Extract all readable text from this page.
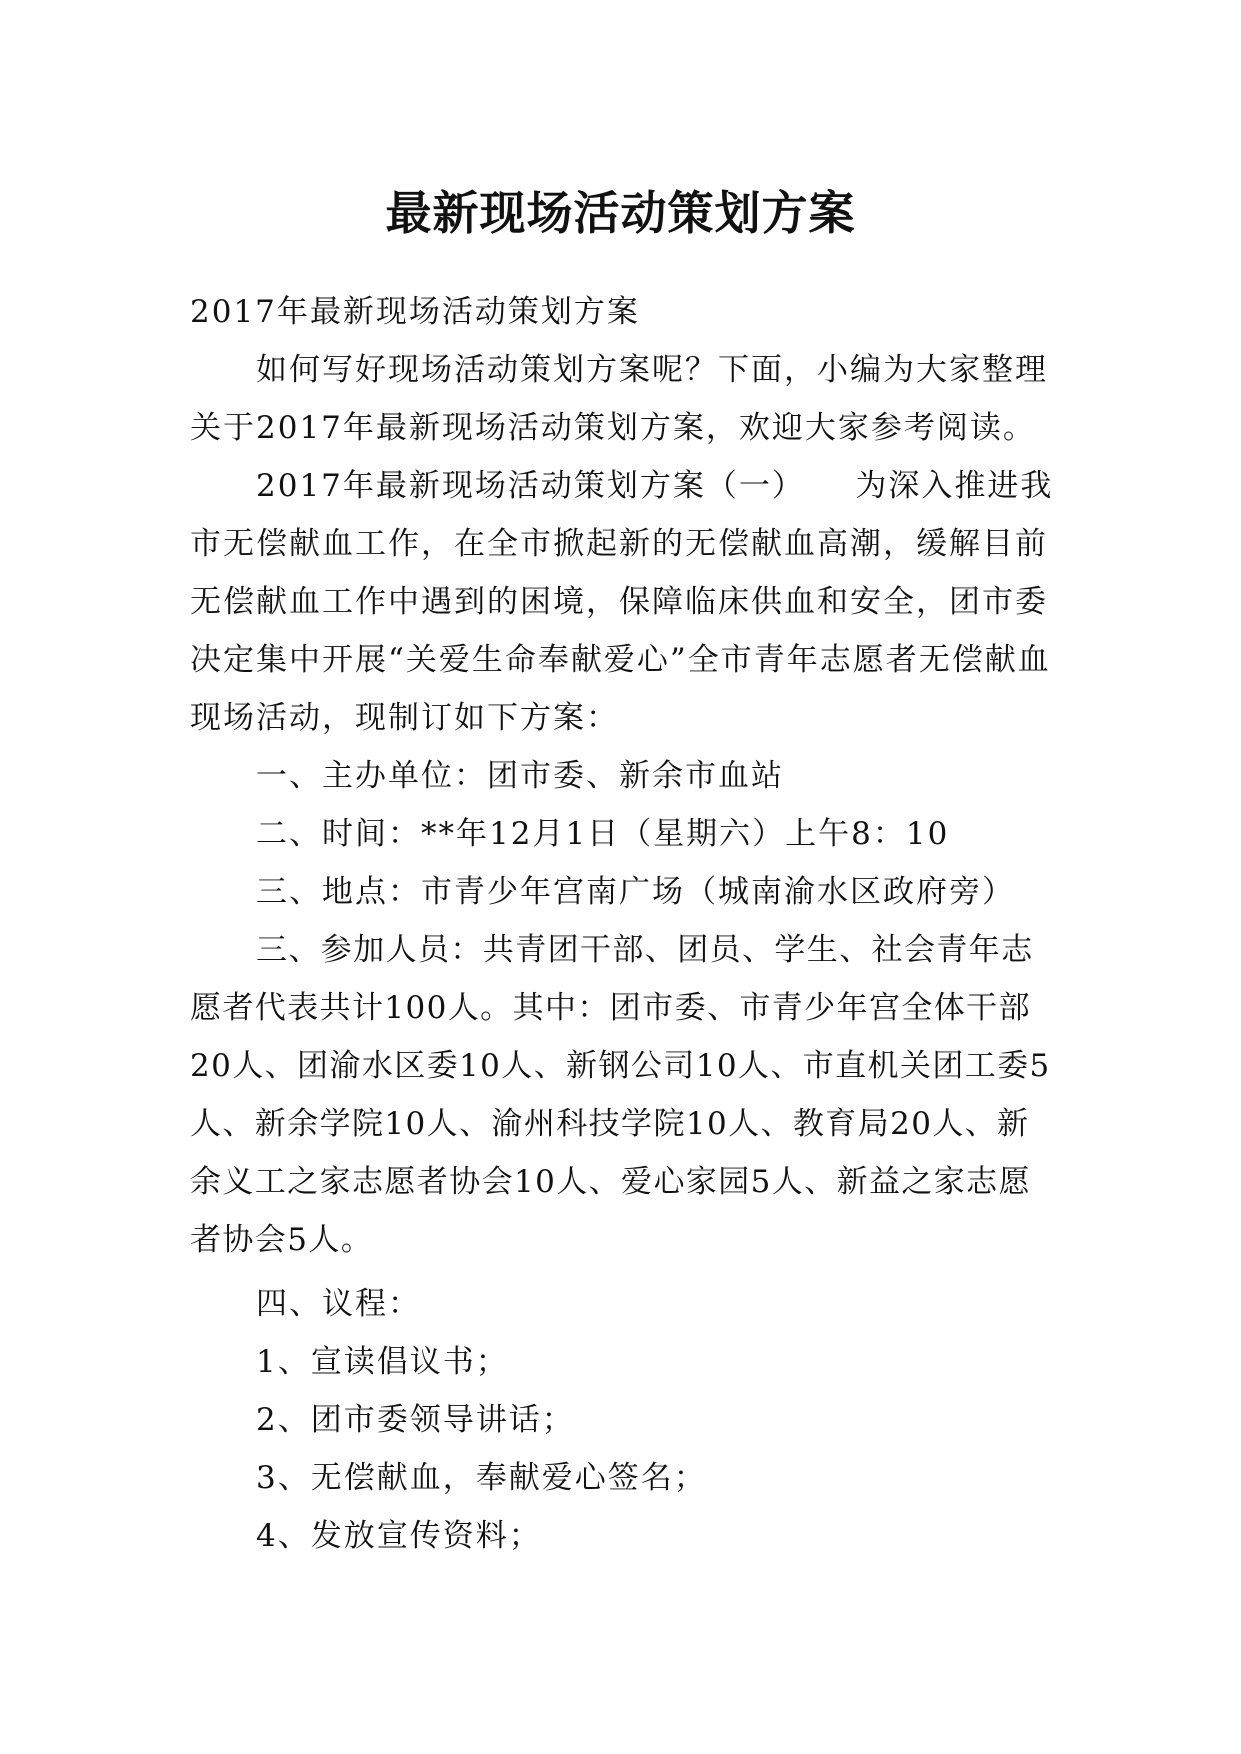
最新现场活动策划方案

2017年最新现场活动策划方案

如何写好现场活动策划方案呢？下面，小编为大家整理关于2017年最新现场活动策划方案，欢迎大家参考阅读。

2017年最新现场活动策划方案（一）　　为深入推进我市无偿献血工作，在全市掀起新的无偿献血高潮，缓解目前无偿献血工作中遇到的困境，保障临床供血和安全，团市委决定集中开展“关爱生命奉献爱心”全市青年志愿者无偿献血现场活动，现制订如下方案：

一、主办单位：团市委、新余市血站

二、时间：**年12月1日（星期六）上午8：10

三、地点：市青少年宫南广场（城南渝水区政府旁）

三、参加人员：共青团干部、团员、学生、社会青年志愿者代表共计100人。其中：团市委、市青少年宫全体干部20人、团渝水区委10人、新钢公司10人、市直机关团工委5人、新余学院10人、渝州科技学院10人、教育局20人、新余义工之家志愿者协会10人、爱心家园5人、新益之家志愿者协会5人。

四、议程：

1、宣读倡议书；

2、团市委领导讲话；

3、无偿献血，奉献爱心签名；

4、发放宣传资料；
